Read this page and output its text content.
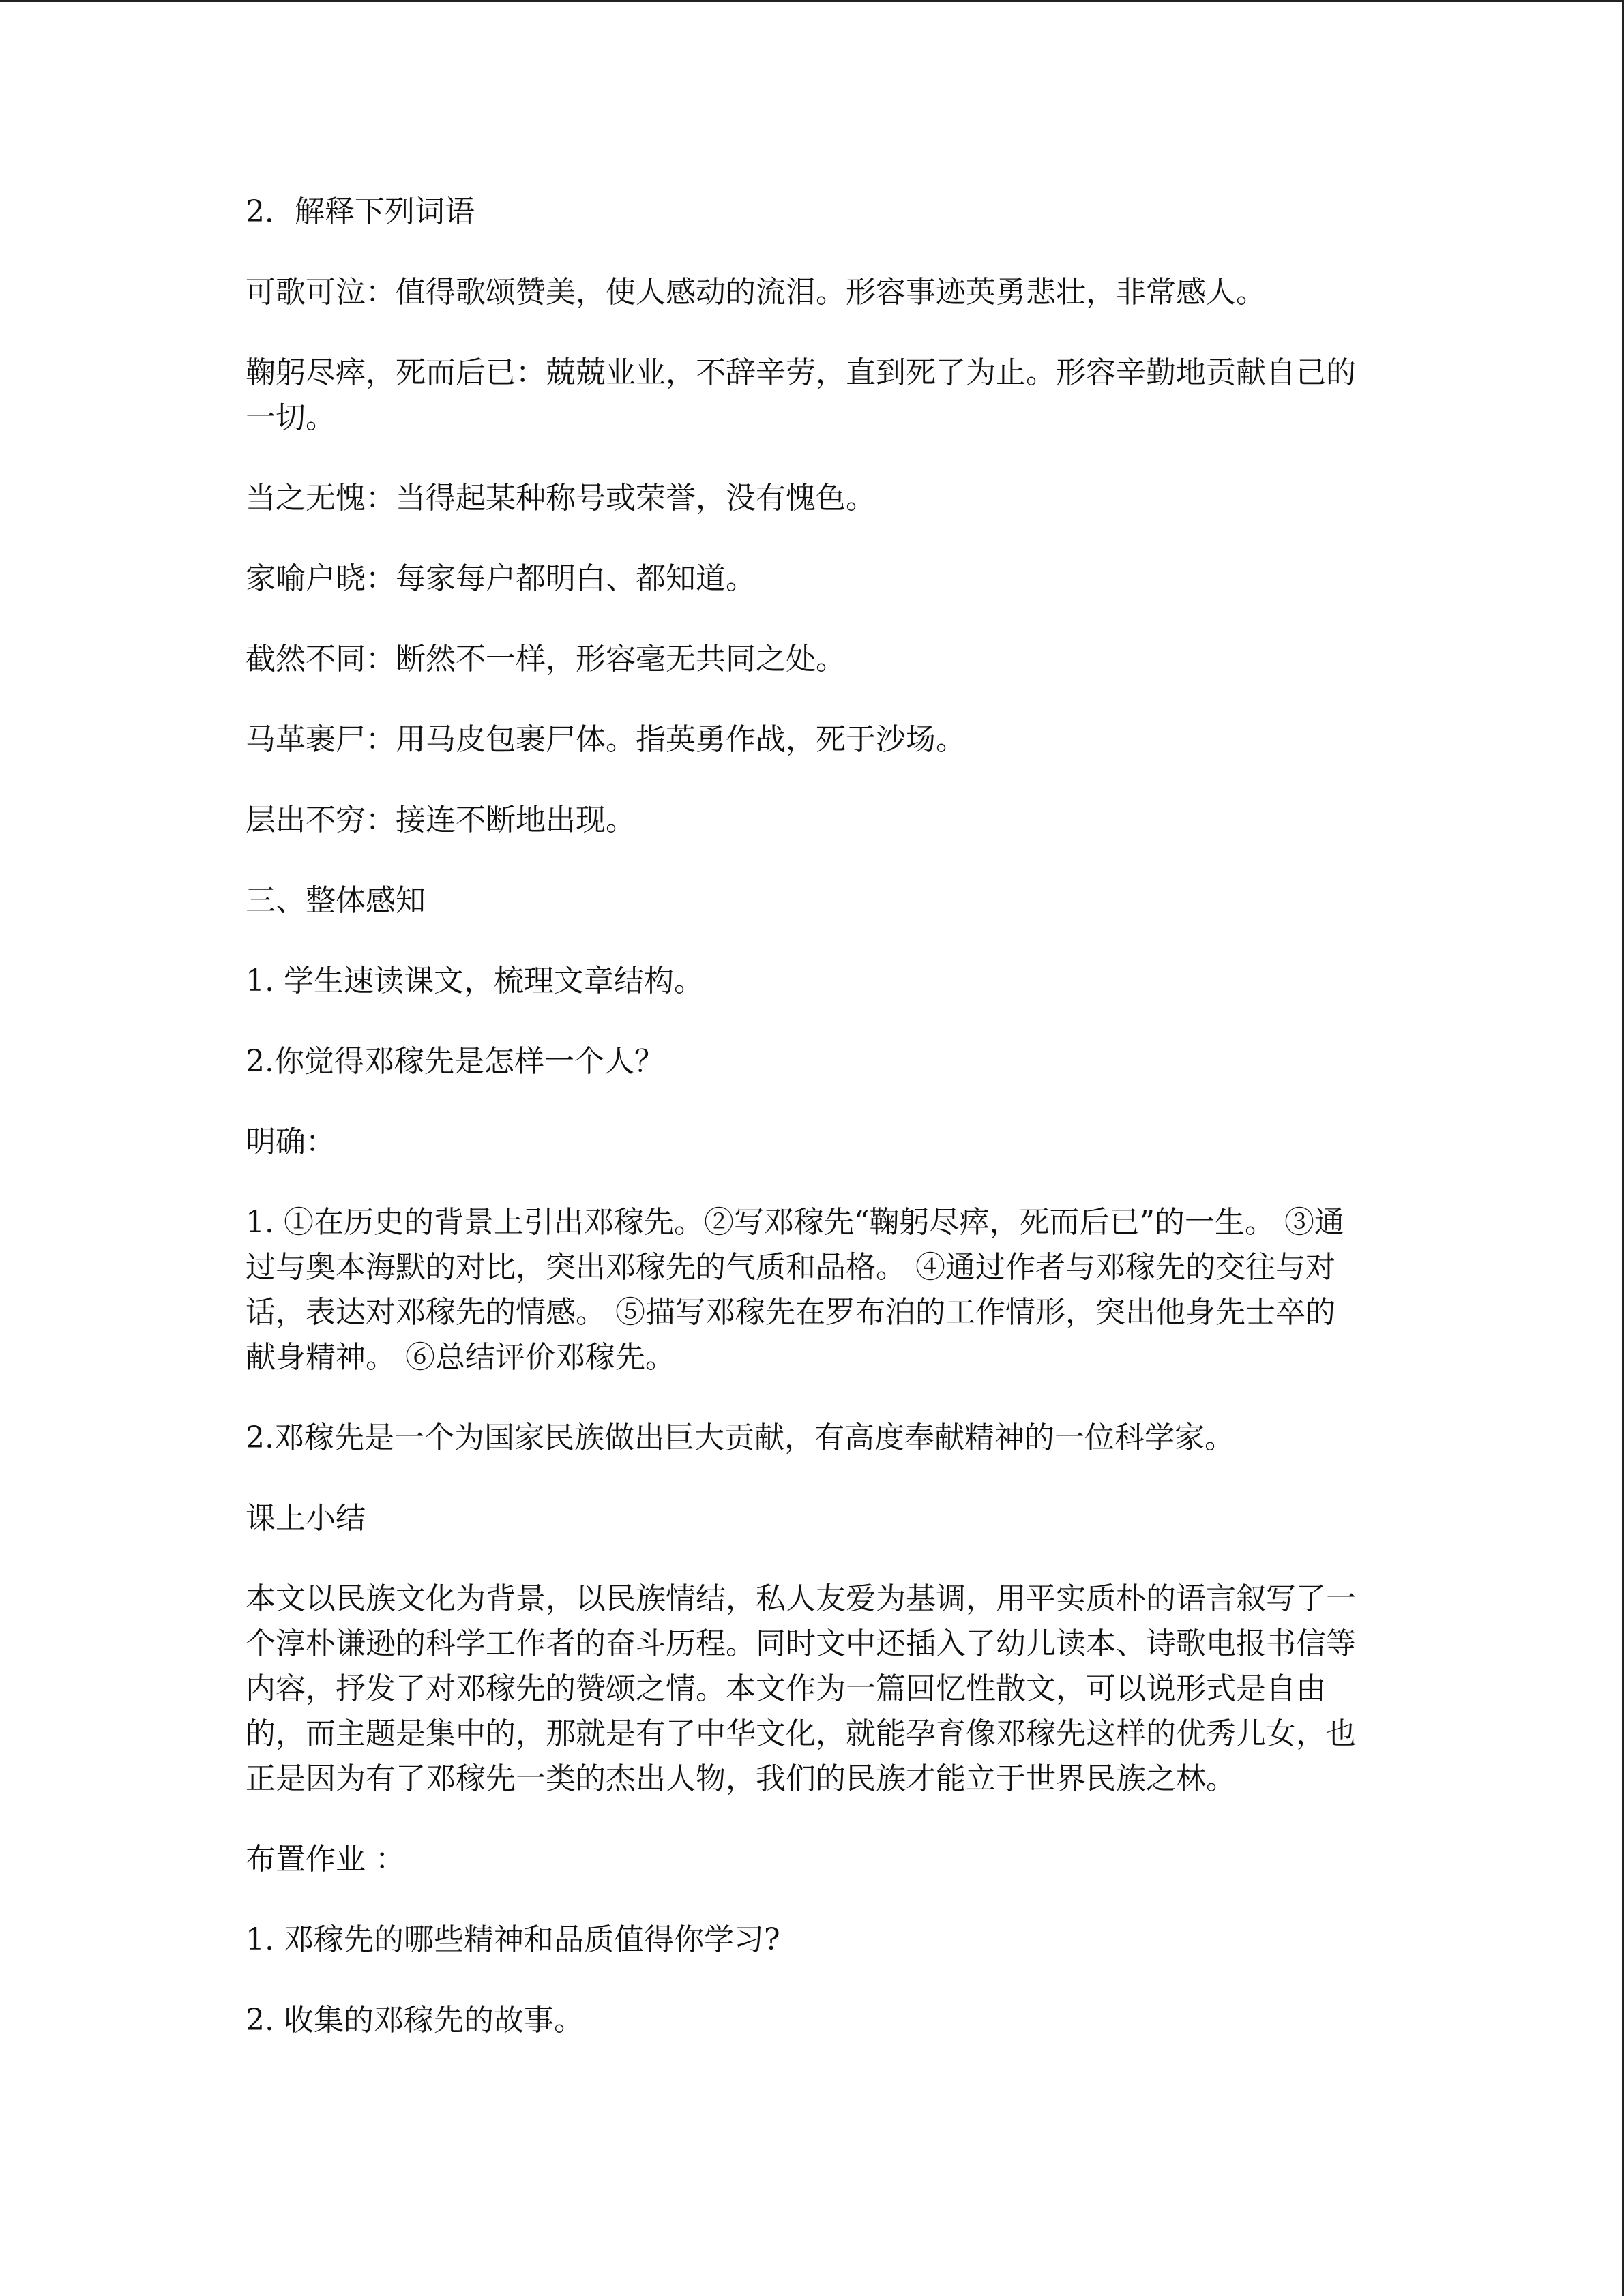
2．解释下列词语

可歌可泣：值得歌颂赞美，使人感动的流泪。形容事迹英勇悲壮，非常感人。

鞠躬尽瘁，死而后已：兢兢业业，不辞辛劳，直到死了为止。形容辛勤地贡献自己的一切。

当之无愧：当得起某种称号或荣誉，没有愧色。

家喻户晓：每家每户都明白、都知道。

截然不同：断然不一样，形容毫无共同之处。

马革裹尸：用马皮包裹尸体。指英勇作战，死于沙场。

层出不穷：接连不断地出现。

三、整体感知

1. 学生速读课文，梳理文章结构。

2.你觉得邓稼先是怎样一个人？

明确：

1. ①在历史的背景上引出邓稼先。②写邓稼先“鞠躬尽瘁，死而后已”的一生。 ③通过与奥本海默的对比，突出邓稼先的气质和品格。 ④通过作者与邓稼先的交往与对话，表达对邓稼先的情感。 ⑤描写邓稼先在罗布泊的工作情形，突出他身先士卒的献身精神。 ⑥总结评价邓稼先。

2.邓稼先是一个为国家民族做出巨大贡献，有高度奉献精神的一位科学家。

课上小结

本文以民族文化为背景，以民族情结，私人友爱为基调，用平实质朴的语言叙写了一个淳朴谦逊的科学工作者的奋斗历程。同时文中还插入了幼儿读本、诗歌电报书信等内容，抒发了对邓稼先的赞颂之情。本文作为一篇回忆性散文，可以说形式是自由的，而主题是集中的，那就是有了中华文化，就能孕育像邓稼先这样的优秀儿女，也正是因为有了邓稼先一类的杰出人物，我们的民族才能立于世界民族之林。

布置作业 ：

1. 邓稼先的哪些精神和品质值得你学习?

2. 收集的邓稼先的故事。
